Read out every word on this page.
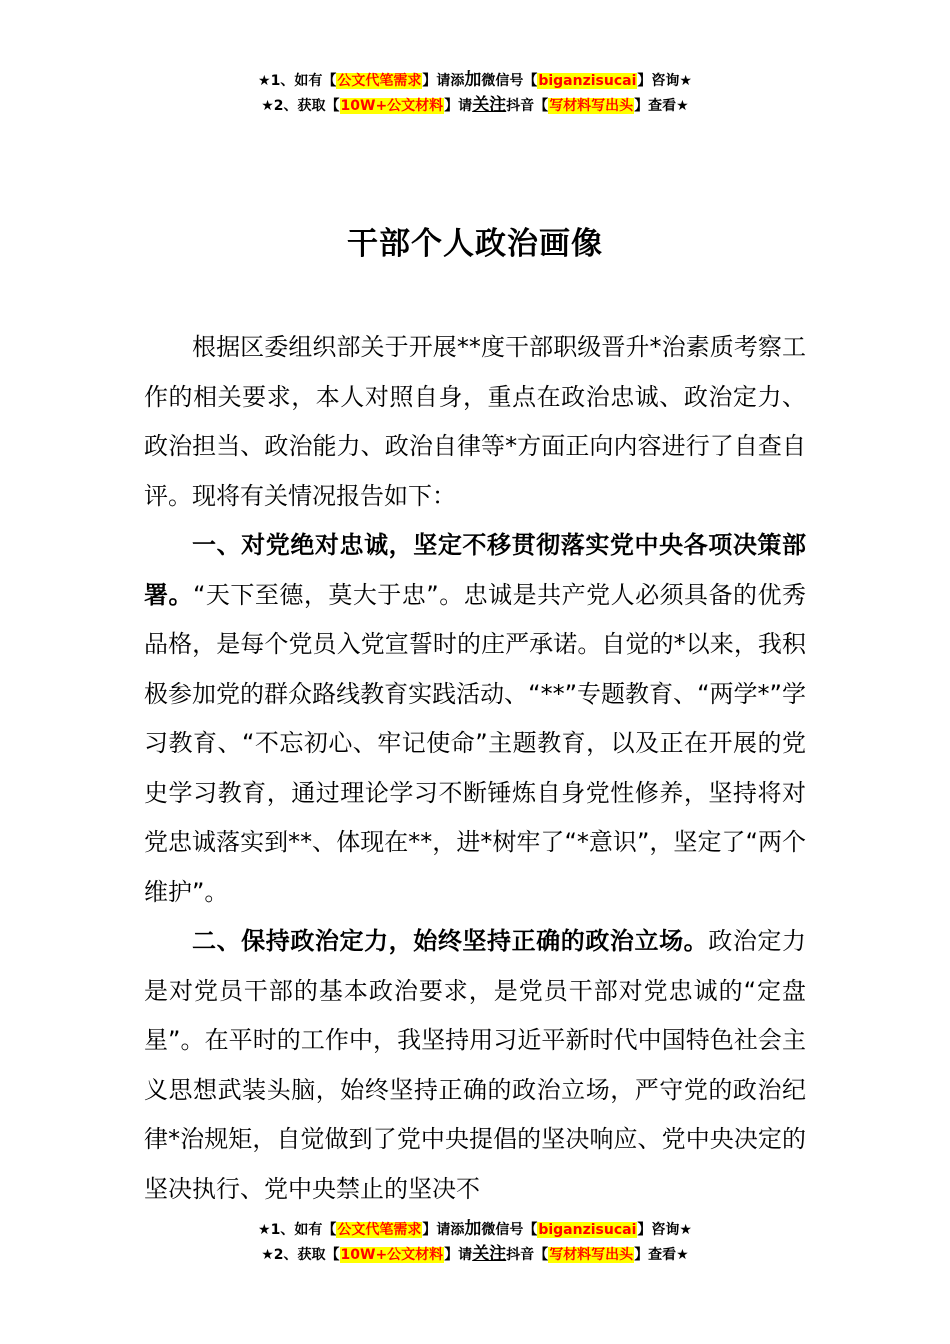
★1、如有【公文代笔需求】请添加微信号【biganzisucai】咨询★
★2、获取【10W+公文材料】请关注抖音【写材料写出头】查看★
干部个人政治画像

根据区委组织部关于开展**度干部职级晋升*治素质考察工作的相关要求，本人对照自身，重点在政治忠诚、政治定力、政治担当、政治能力、政治自律等*方面正向内容进行了自查自评。现将有关情况报告如下：

一、对党绝对忠诚，坚定不移贯彻落实党中央各项决策部署。“天下至德，莫大于忠”。忠诚是共产党人必须具备的优秀品格，是每个党员入党宣誓时的庄严承诺。自觉的*以来，我积极参加党的群众路线教育实践活动、“**”专题教育、“两学*”学习教育、“不忘初心、牢记使命”主题教育，以及正在开展的党史学习教育，通过理论学习不断锤炼自身党性修养，坚持将对党忠诚落实到**、体现在**，进*树牢了“*意识”，坚定了“两个维护”。

二、保持政治定力，始终坚持正确的政治立场。政治定力是对党员干部的基本政治要求，是党员干部对党忠诚的“定盘星”。在平时的工作中，我坚持用习近平新时代中国特色社会主义思想武装头脑，始终坚持正确的政治立场，严守党的政治纪律*治规矩，自觉做到了党中央提倡的坚决响应、党中央决定的坚决执行、党中央禁止的坚决不

★1、如有【公文代笔需求】请添加微信号【biganzisucai】咨询★
★2、获取【10W+公文材料】请关注抖音【写材料写出头】查看★
